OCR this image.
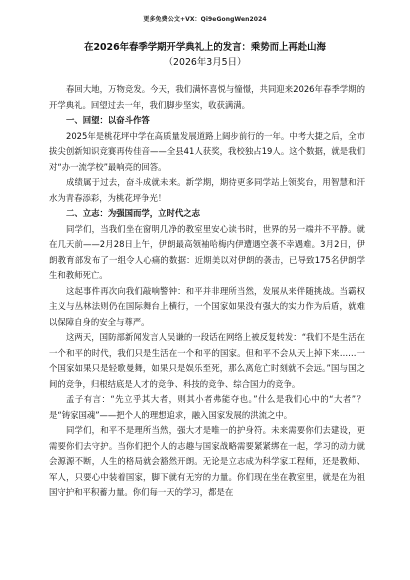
更多免费公文+VX：Qi9eGongWen2024
在2026年春季学期开学典礼上的发言：乘势而上再赴山海
（2026年3月5日）

春回大地，万物竞发。今天，我们满怀喜悦与憧憬，共同迎来2026年春季学期的开学典礼。回望过去一年，我们脚步坚实，收获满满。

一、回望：以奋斗作答

2025年是桃花坪中学在高质量发展道路上阔步前行的一年。中考大捷之后，全市拔尖创新知识竞赛再传佳音——全县41人获奖，我校独占19人。这个数据，就是我们对“办一流学校”最响亮的回答。

成绩属于过去，奋斗成就未来。新学期，期待更多同学站上领奖台，用智慧和汗水为青春添彩，为桃花坪争光！

二、立志：为强国而学，立时代之志

同学们，当我们坐在窗明几净的教室里安心读书时，世界的另一端并不平静。就在几天前——2月28日上午，伊朗最高领袖哈梅内伊遭遇空袭不幸遇难。3月2日，伊朗教育部发布了一组令人心痛的数据：近期美以对伊朗的袭击，已导致175名伊朗学生和教师死亡。

这起事件再次向我们敲响警钟：和平并非理所当然，发展从来伴随挑战。当霸权主义与丛林法则仍在国际舞台上横行，一个国家如果没有强大的实力作为后盾，就难以保障自身的安全与尊严。

这两天，国防部新闻发言人吴谦的一段话在网络上被反复转发：“我们不是生活在一个和平的时代，我们只是生活在一个和平的国家。但和平不会从天上掉下来……一个国家如果只是轻歌曼舞，如果只是娱乐至死，那么离危亡时刻就不会远。”国与国之间的竞争，归根结底是人才的竞争、科技的竞争、综合国力的竞争。

孟子有言：“先立乎其大者，则其小者弗能夺也。”什么是我们心中的“大者”？是“铸家国魂”——把个人的理想追求，融入国家发展的洪流之中。

同学们，和平不是理所当然，强大才是唯一的护身符。未来需要你们去建设，更需要你们去守护。当你们把个人的志趣与国家战略需要紧紧绑在一起，学习的动力就会源源不断，人生的格局就会豁然开朗。无论是立志成为科学家工程师，还是教师、军人，只要心中装着国家，脚下就有无穷的力量。你们现在坐在教室里，就是在为祖国守护和平积蓄力量。你们每一天的学习，都是在
